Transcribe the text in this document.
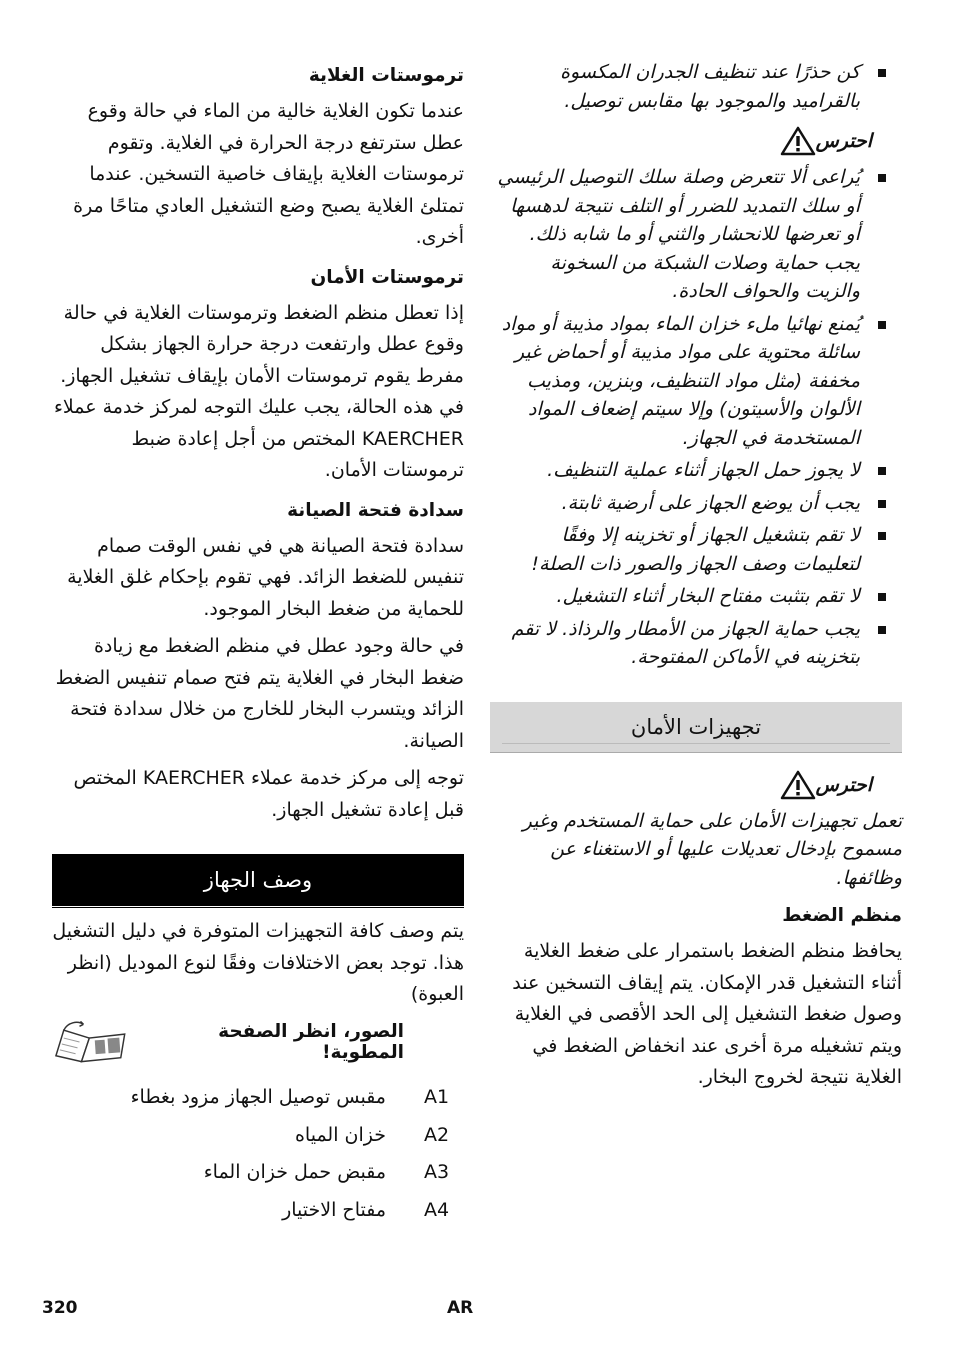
كن حذرًا عند تنظيف الجدران المكسوة بالقراميد والموجود بها مقابس توصيل.
احترس
يُراعى ألا تتعرض وصلة سلك التوصيل الرئيسي أو سلك التمديد للضرر أو التلف نتيجة لدهسها أو تعرضها للانحشار والثني أو ما شابه ذلك. يجب حماية وصلات الشبكة من السخونة والزيت والحواف الحادة.
يُمنع نهائيا ملء خزان الماء بمواد مذيبة أو مواد سائلة محتوية على مواد مذيبة أو أحماض غير مخففة (مثل مواد التنظيف، وبنزين، ومذيب الألوان والأسيتون) وإلا سيتم إضعاف المواد المستخدمة في الجهاز.
لا يجوز حمل الجهاز أثناء عملية التنظيف.
يجب أن يوضع الجهاز على أرضية ثابتة.
لا تقم بتشغيل الجهاز أو تخزينه إلا وفقًا لتعليمات وصف الجهاز والصور ذات الصلة!
لا تقم بتثبت مفتاح البخار أثناء التشغيل.
يجب حماية الجهاز من الأمطار والرذاذ. لا تقم بتخزينه في الأماكن المفتوحة.
تجهيزات الأمان
احترس

تعمل تجهيزات الأمان على حماية المستخدم وغير مسموح بإدخال تعديلات عليها أو الاستغناء عن وظائفها.

منظم الضغط

يحافظ منظم الضغط باستمرار على ضغط الغلاية أثناء التشغيل قدر الإمكان. يتم إيقاف التسخين عند وصول ضغط التشغيل إلى الحد الأقصى في الغلاية ويتم تشغيله مرة أخرى عند انخفاض الضغط في الغلاية نتيجة لخروج البخار.

ترموستات الغلاية

عندما تكون الغلاية خالية من الماء في حالة وقوع عطل سترتفع درجة الحرارة في الغلاية. وتقوم ترموستات الغلاية بإيقاف خاصية التسخين. عندما تمتلئ الغلاية يصبح وضع التشغيل العادي متاحًا مرة أخرى.

ترموستات الأمان

إذا تعطل منظم الضغط وترموستات الغلاية في حالة وقوع عطل وارتفعت درجة حرارة الجهاز بشكل مفرط يقوم ترموستات الأمان بإيقاف تشغيل الجهاز. في هذه الحالة، يجب عليك التوجه لمركز خدمة عملاء KAERCHER المختص من أجل إعادة ضبط ترموستات الأمان.

سدادة فتحة الصيانة

سدادة فتحة الصيانة هي في نفس الوقت صمام تنفيس للضغط الزائد. فهي تقوم بإحكام غلق الغلاية للحماية من ضغط البخار الموجود.

في حالة وجود عطل في منظم الضغط مع زيادة ضغط البخار في الغلاية يتم فتح صمام تنفيس الضغط الزائد ويتسرب البخار للخارج من خلال سدادة فتحة الصيانة.

توجه إلى مركز خدمة عملاء KAERCHER المختص قبل إعادة تشغيل الجهاز.

وصف الجهاز

يتم وصف كافة التجهيزات المتوفرة في دليل التشغيل هذا. توجد بعض الاختلافات وفقًا لنوع الموديل (انظر العبوة)

الصور، انظر الصفحة المطوية!
A1
مقبس توصيل الجهاز مزود بغطاء
A2
خزان المياه
A3
مقبض حمل خزان الماء
A4
مفتاح الاختيار
320	AR
